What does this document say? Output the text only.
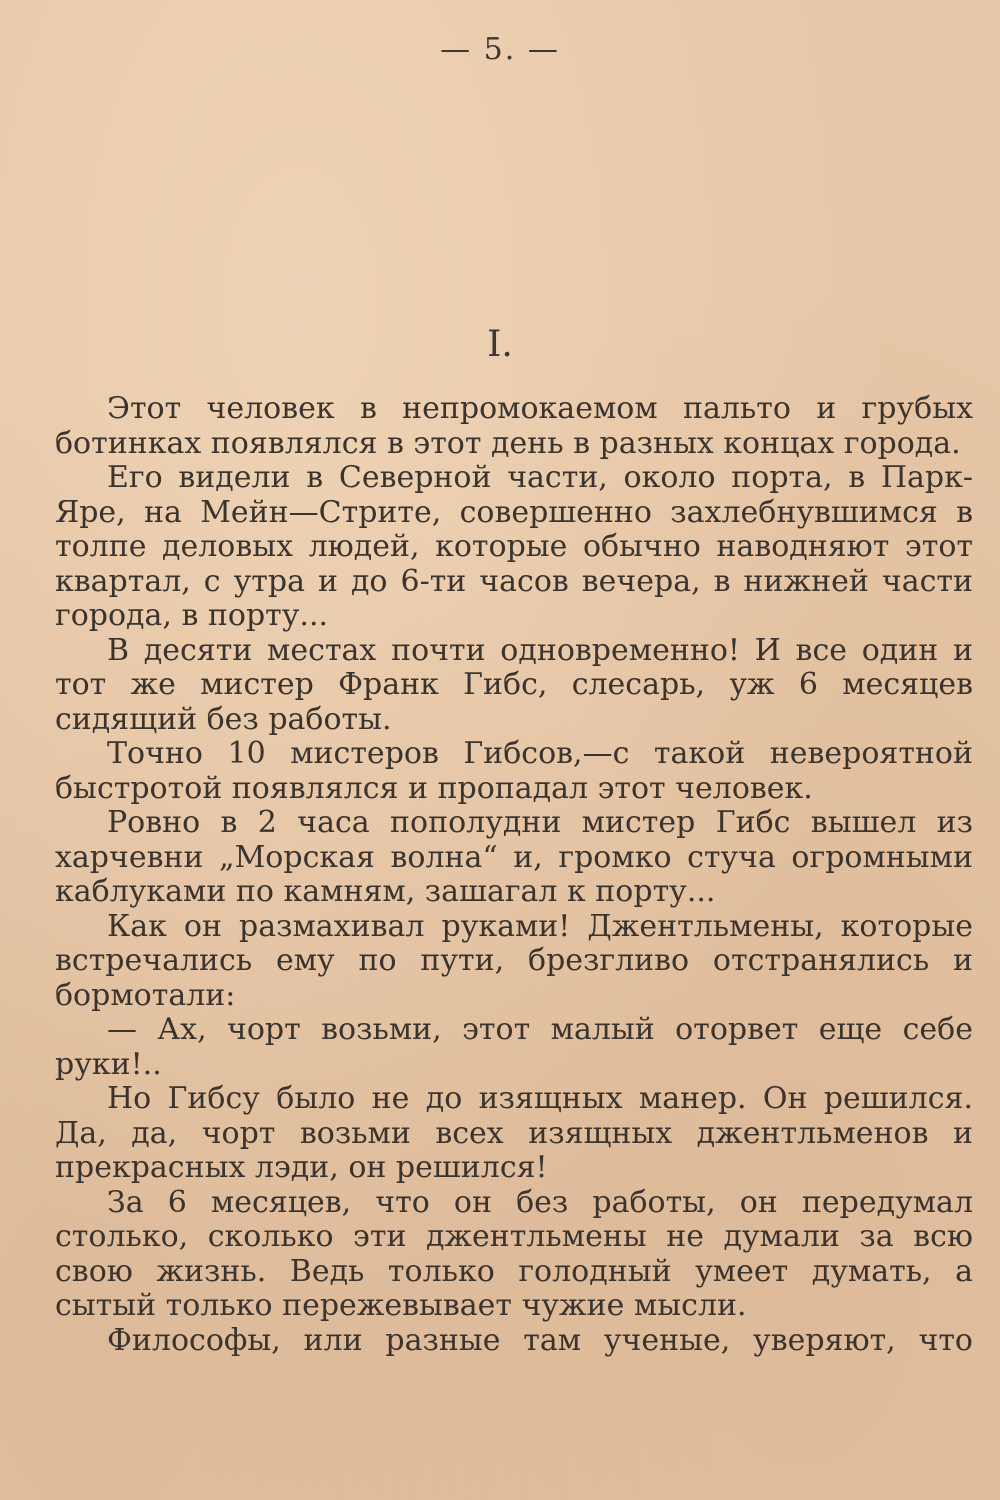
— 5. —
I.

Этот человек в непромокаемом пальто и грубых ботинках появлялся в этот день в разных концах города.

Его видели в Северной части, около порта, в Парк-Яре, на Мейн—Стрите, совершенно захлебнувшимся в толпе деловых людей, которые обычно наводняют этот квартал, с утра и до 6-ти часов вечера, в нижней части города, в порту...

В десяти местах почти одновременно! И все один и тот же мистер Франк Гибс, слесарь, уж 6 месяцев сидящий без работы.

Точно 10 мистеров Гибсов,—с такой невероятной быстротой появлялся и пропадал этот человек.

Ровно в 2 часа пополудни мистер Гибс вышел из харчевни „Морская волна“ и, громко стуча огромными каблуками по камням, зашагал к порту...

Как он размахивал руками! Джентльмены, которые встречались ему по пути, брезгливо отстранялись и бормотали:

— Ах, чорт возьми, этот малый оторвет еще себе руки!..

Но Гибсу было не до изящных манер. Он решился. Да, да, чорт возьми всех изящных джентльменов и прекрасных лэди, он решился!

За 6 месяцев, что он без работы, он передумал столько, сколько эти джентльмены не думали за всю свою жизнь. Ведь только голодный умеет думать, а сытый только пережевывает чужие мысли.

Философы, или разные там ученые, уверяют, что
